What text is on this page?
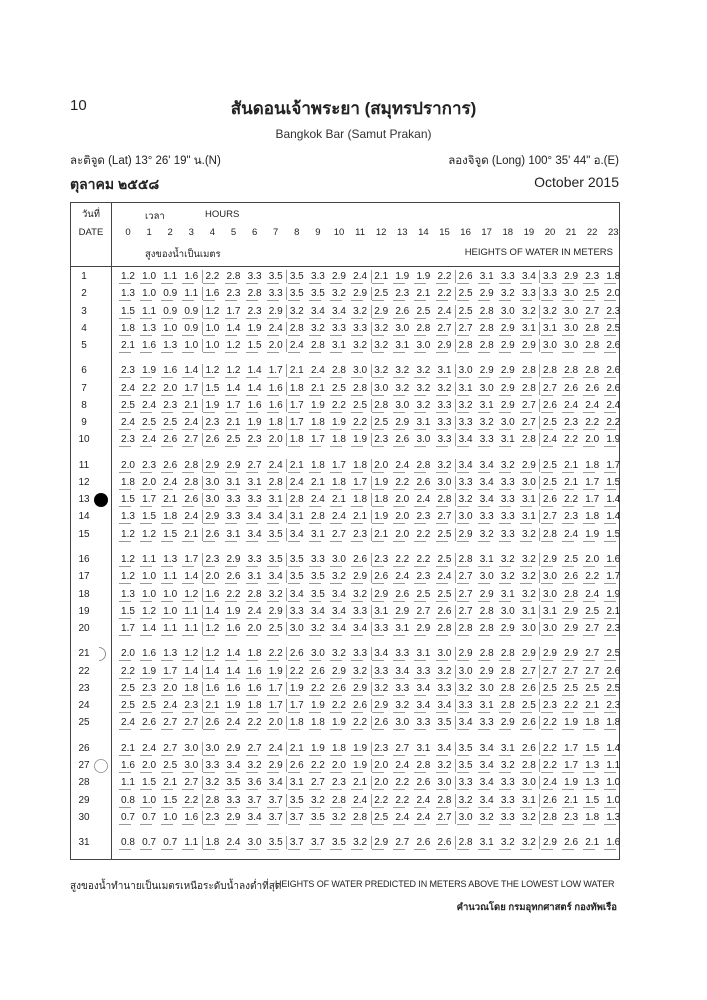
10	สันดอนเจ้าพระยา (สมุทรปราการ)
Bangkok Bar (Samut Prakan)
ละติจูด (Lat) 13° 26' 19" น.(N)	ลองจิจูด (Long) 100° 35' 44" อ.(E)
ตุลาคม ๒๕๕๘	October 2015
วันที่
DATE
เวลา	HOURS
สูงของน้ำเป็นเมตร	HEIGHTS OF WATER IN METERS
0	1	2	3	4	5	6	7	8	9	10	11	12	13	14	15	16	17	18	19	20	21	22	23
1	1.2 1.0 1.1 1.6 2.2 2.8 3.3 3.5 3.5 3.3 2.9 2.4 2.1 1.9 1.9 2.2 2.6 3.1 3.3 3.4 3.3 2.9 2.3 1.8
2	1.3 1.0 0.9 1.1 1.6 2.3 2.8 3.3 3.5 3.5 3.2 2.9 2.5 2.3 2.1 2.2 2.5 2.9 3.2 3.3 3.3 3.0 2.5 2.0
3	1.5 1.1 0.9 0.9 1.2 1.7 2.3 2.9 3.2 3.4 3.4 3.2 2.9 2.6 2.5 2.4 2.5 2.8 3.0 3.2 3.2 3.0 2.7 2.3
4	1.8 1.3 1.0 0.9 1.0 1.4 1.9 2.4 2.8 3.2 3.3 3.3 3.2 3.0 2.8 2.7 2.7 2.8 2.9 3.1 3.1 3.0 2.8 2.5
5	2.1 1.6 1.3 1.0 1.0 1.2 1.5 2.0 2.4 2.8 3.1 3.2 3.2 3.1 3.0 2.9 2.8 2.8 2.9 2.9 3.0 3.0 2.8 2.6
6	2.3 1.9 1.6 1.4 1.2 1.2 1.4 1.7 2.1 2.4 2.8 3.0 3.2 3.2 3.2 3.1 3.0 2.9 2.9 2.8 2.8 2.8 2.8 2.6
7	2.4 2.2 2.0 1.7 1.5 1.4 1.4 1.6 1.8 2.1 2.5 2.8 3.0 3.2 3.2 3.2 3.1 3.0 2.9 2.8 2.7 2.6 2.6 2.6
8	2.5 2.4 2.3 2.1 1.9 1.7 1.6 1.6 1.7 1.9 2.2 2.5 2.8 3.0 3.2 3.3 3.2 3.1 2.9 2.7 2.6 2.4 2.4 2.4
9	2.4 2.5 2.5 2.4 2.3 2.1 1.9 1.8 1.7 1.8 1.9 2.2 2.5 2.9 3.1 3.3 3.3 3.2 3.0 2.7 2.5 2.3 2.2 2.2
10	2.3 2.4 2.6 2.7 2.6 2.5 2.3 2.0 1.8 1.7 1.8 1.9 2.3 2.6 3.0 3.3 3.4 3.3 3.1 2.8 2.4 2.2 2.0 1.9
11	2.0 2.3 2.6 2.8 2.9 2.9 2.7 2.4 2.1 1.8 1.7 1.8 2.0 2.4 2.8 3.2 3.4 3.4 3.2 2.9 2.5 2.1 1.8 1.7
12	1.8 2.0 2.4 2.8 3.0 3.1 3.1 2.8 2.4 2.1 1.8 1.7 1.9 2.2 2.6 3.0 3.3 3.4 3.3 3.0 2.5 2.1 1.7 1.5
13	1.5 1.7 2.1 2.6 3.0 3.3 3.3 3.1 2.8 2.4 2.1 1.8 1.8 2.0 2.4 2.8 3.2 3.4 3.3 3.1 2.6 2.2 1.7 1.4
14	1.3 1.5 1.8 2.4 2.9 3.3 3.4 3.4 3.1 2.8 2.4 2.1 1.9 2.0 2.3 2.7 3.0 3.3 3.3 3.1 2.7 2.3 1.8 1.4
15	1.2 1.2 1.5 2.1 2.6 3.1 3.4 3.5 3.4 3.1 2.7 2.3 2.1 2.0 2.2 2.5 2.9 3.2 3.3 3.2 2.8 2.4 1.9 1.5
16	1.2 1.1 1.3 1.7 2.3 2.9 3.3 3.5 3.5 3.3 3.0 2.6 2.3 2.2 2.2 2.5 2.8 3.1 3.2 3.2 2.9 2.5 2.0 1.6
17	1.2 1.0 1.1 1.4 2.0 2.6 3.1 3.4 3.5 3.5 3.2 2.9 2.6 2.4 2.3 2.4 2.7 3.0 3.2 3.2 3.0 2.6 2.2 1.7
18	1.3 1.0 1.0 1.2 1.6 2.2 2.8 3.2 3.4 3.5 3.4 3.2 2.9 2.6 2.5 2.5 2.7 2.9 3.1 3.2 3.0 2.8 2.4 1.9
19	1.5 1.2 1.0 1.1 1.4 1.9 2.4 2.9 3.3 3.4 3.4 3.3 3.1 2.9 2.7 2.6 2.7 2.8 3.0 3.1 3.1 2.9 2.5 2.1
20	1.7 1.4 1.1 1.1 1.2 1.6 2.0 2.5 3.0 3.2 3.4 3.4 3.3 3.1 2.9 2.8 2.8 2.8 2.9 3.0 3.0 2.9 2.7 2.3
21	2.0 1.6 1.3 1.2 1.2 1.4 1.8 2.2 2.6 3.0 3.2 3.3 3.4 3.3 3.1 3.0 2.9 2.8 2.8 2.9 2.9 2.9 2.7 2.5
22	2.2 1.9 1.7 1.4 1.4 1.4 1.6 1.9 2.2 2.6 2.9 3.2 3.3 3.4 3.3 3.2 3.0 2.9 2.8 2.7 2.7 2.7 2.7 2.6
23	2.5 2.3 2.0 1.8 1.6 1.6 1.6 1.7 1.9 2.2 2.6 2.9 3.2 3.3 3.4 3.3 3.2 3.0 2.8 2.6 2.5 2.5 2.5 2.5
24	2.5 2.5 2.4 2.3 2.1 1.9 1.8 1.7 1.7 1.9 2.2 2.6 2.9 3.2 3.4 3.4 3.3 3.1 2.8 2.5 2.3 2.2 2.1 2.3
25	2.4 2.6 2.7 2.7 2.6 2.4 2.2 2.0 1.8 1.8 1.9 2.2 2.6 3.0 3.3 3.5 3.4 3.3 2.9 2.6 2.2 1.9 1.8 1.8
26	2.1 2.4 2.7 3.0 3.0 2.9 2.7 2.4 2.1 1.9 1.8 1.9 2.3 2.7 3.1 3.4 3.5 3.4 3.1 2.6 2.2 1.7 1.5 1.4
27	1.6 2.0 2.5 3.0 3.3 3.4 3.2 2.9 2.6 2.2 2.0 1.9 2.0 2.4 2.8 3.2 3.5 3.4 3.2 2.8 2.2 1.7 1.3 1.1
28	1.1 1.5 2.1 2.7 3.2 3.5 3.6 3.4 3.1 2.7 2.3 2.1 2.0 2.2 2.6 3.0 3.3 3.4 3.3 3.0 2.4 1.9 1.3 1.0
29	0.8 1.0 1.5 2.2 2.8 3.3 3.7 3.7 3.5 3.2 2.8 2.4 2.2 2.2 2.4 2.8 3.2 3.4 3.3 3.1 2.6 2.1 1.5 1.0
30	0.7 0.7 1.0 1.6 2.3 2.9 3.4 3.7 3.7 3.5 3.2 2.8 2.5 2.4 2.4 2.7 3.0 3.2 3.3 3.2 2.8 2.3 1.8 1.3
31	0.8 0.7 0.7 1.1 1.8 2.4 3.0 3.5 3.7 3.7 3.5 3.2 2.9 2.7 2.6 2.6 2.8 3.1 3.2 3.2 2.9 2.6 2.1 1.6
สูงของน้ำทำนายเป็นเมตรเหนือระดับน้ำลงต่ำที่สุด
HEIGHTS OF WATER PREDICTED IN METERS ABOVE THE LOWEST LOW WATER
คำนวณโดย กรมอุทกศาสตร์ กองทัพเรือ
